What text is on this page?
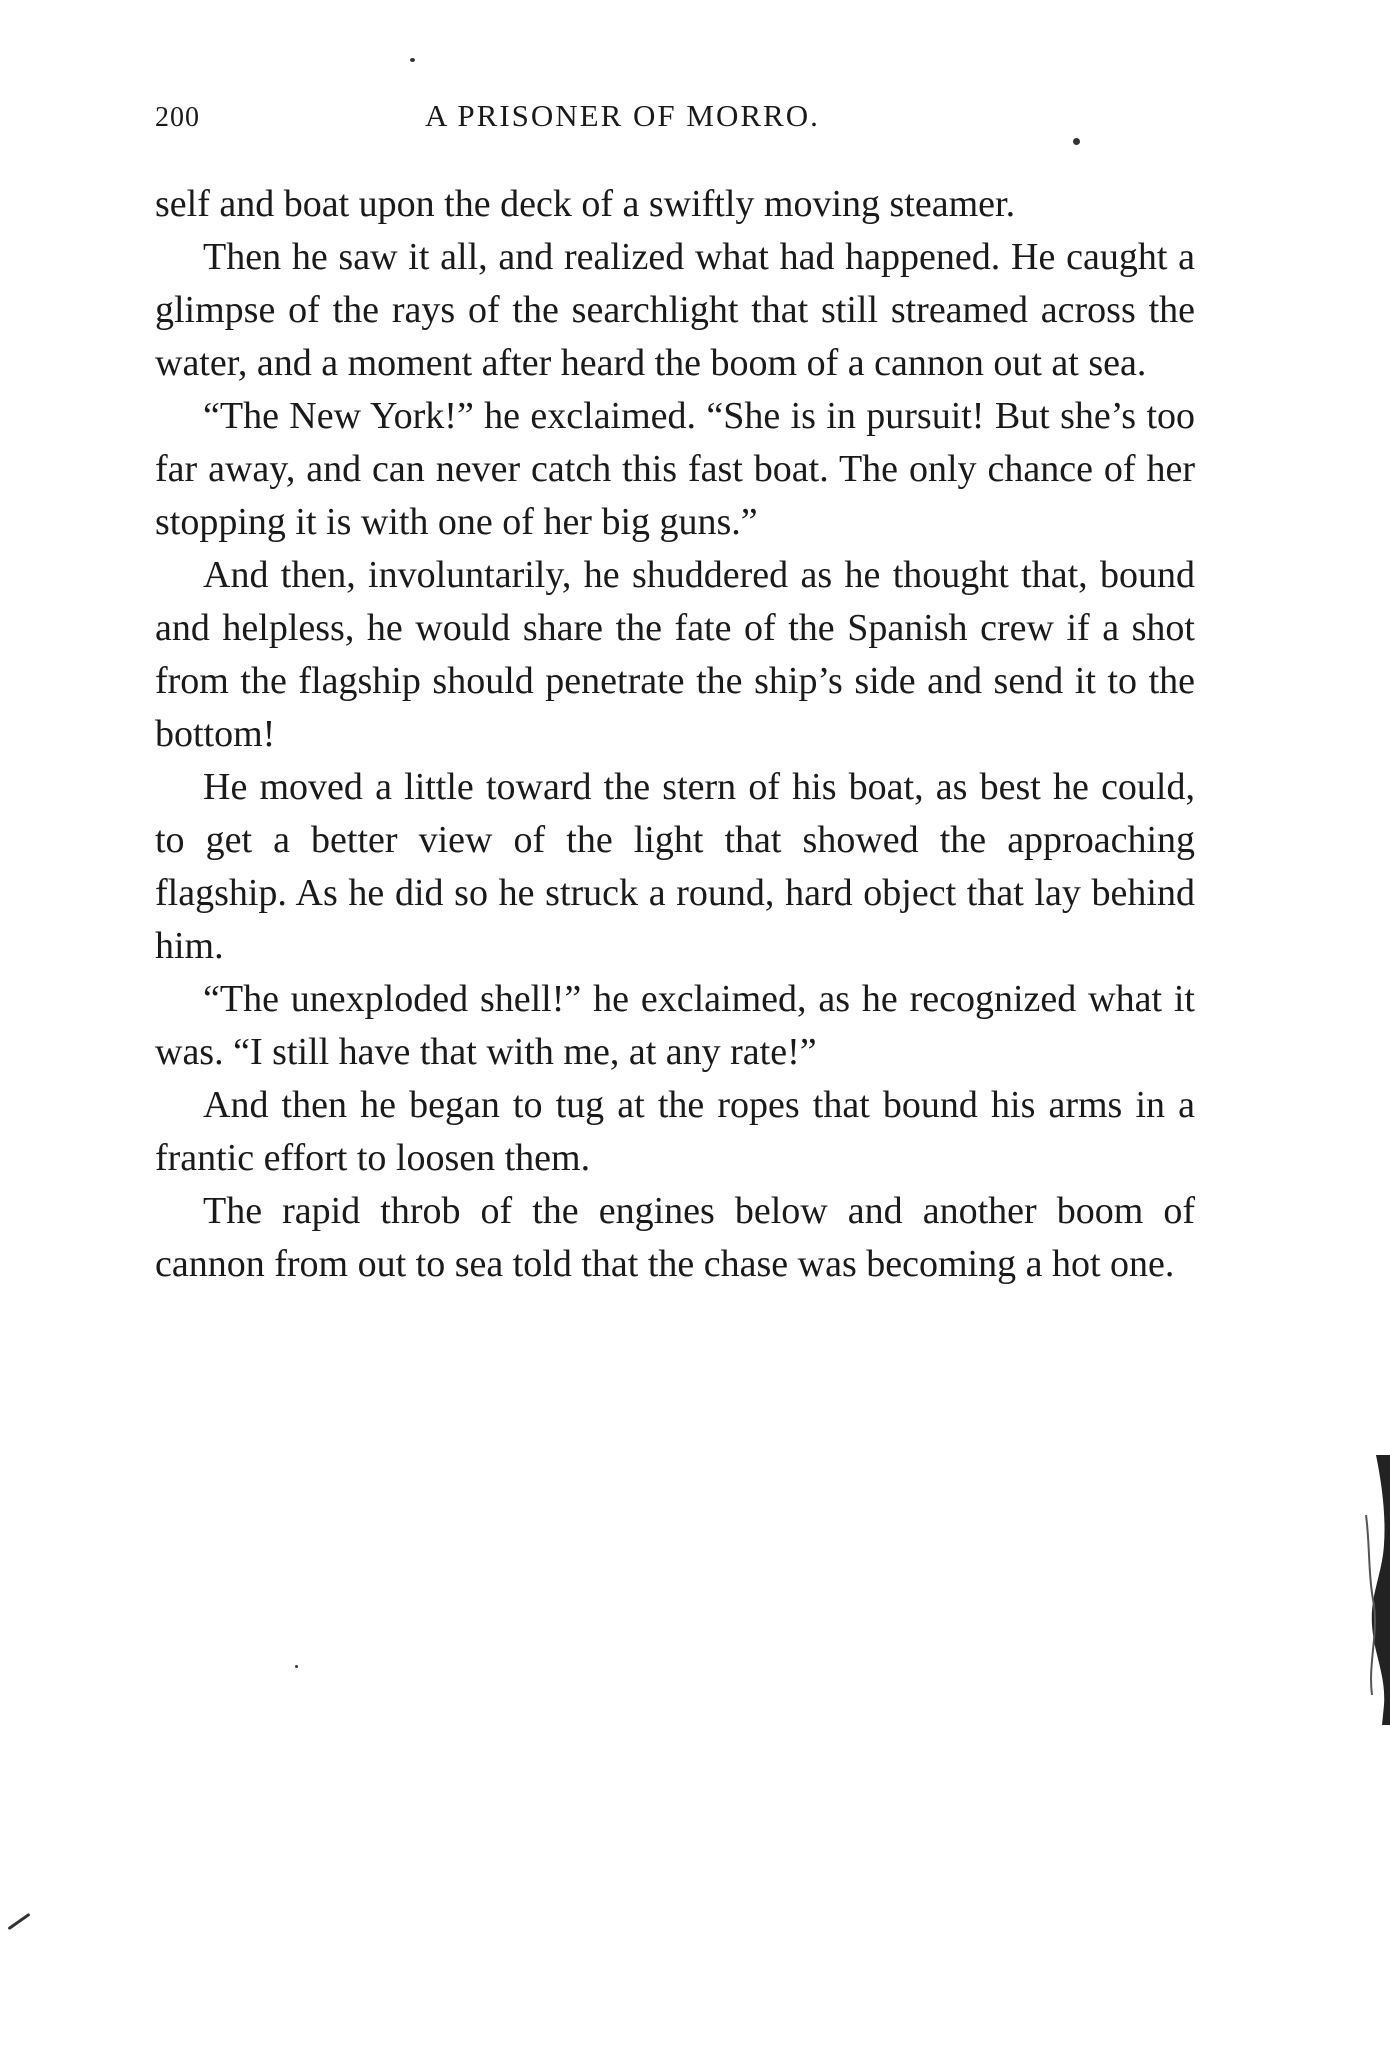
200	A PRISONER OF MORRO.

self and boat upon the deck of a swiftly moving steamer.

Then he saw it all, and realized what had happened. He caught a glimpse of the rays of the searchlight that still streamed across the water, and a moment after heard the boom of a cannon out at sea.

“The New York!” he exclaimed. “She is in pursuit! But she’s too far away, and can never catch this fast boat. The only chance of her stopping it is with one of her big guns.”

And then, involuntarily, he shuddered as he thought that, bound and helpless, he would share the fate of the Spanish crew if a shot from the flagship should penetrate the ship’s side and send it to the bottom!

He moved a little toward the stern of his boat, as best he could, to get a better view of the light that showed the approaching flagship. As he did so he struck a round, hard object that lay behind him.

“The unexploded shell!” he exclaimed, as he recognized what it was. “I still have that with me, at any rate!”

And then he began to tug at the ropes that bound his arms in a frantic effort to loosen them.

The rapid throb of the engines below and another boom of cannon from out to sea told that the chase was becoming a hot one.
